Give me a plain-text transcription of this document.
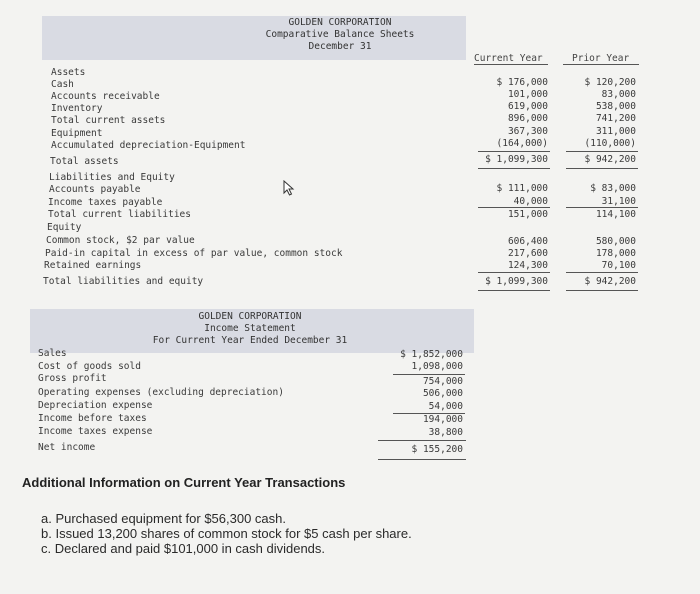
GOLDEN CORPORATION
Comparative Balance Sheets
December 31
Current Year	Prior Year
Assets
Cash
Accounts receivable
Inventory
Total current assets
Equipment
Accumulated depreciation-Equipment
Total assets
Liabilities and Equity
Accounts payable
Income taxes payable
Total current liabilities
Equity
Common stock, $2 par value
Paid-in capital in excess of par value, common stock
Retained earnings
Total liabilities and equity
$ 176,000
101,000
619,000
896,000
367,300
(164,000)
$ 1,099,300
$ 120,200
83,000
538,000
741,200
311,000
(110,000)
$ 942,200
$ 111,000
40,000
151,000
$ 83,000
31,100
114,100
606,400
217,600
124,300
$ 1,099,300
580,000
178,000
70,100
$ 942,200
GOLDEN CORPORATION
Income Statement
For Current Year Ended December 31
Sales
Cost of goods sold
Gross profit
Operating expenses (excluding depreciation)
Depreciation expense
Income before taxes
Income taxes expense
Net income
$ 1,852,000
1,098,000
754,000
506,000
54,000
194,000
38,800
$ 155,200
Additional Information on Current Year Transactions
a. Purchased equipment for $56,300 cash.
b. Issued 13,200 shares of common stock for $5 cash per share.
c. Declared and paid $101,000 in cash dividends.
